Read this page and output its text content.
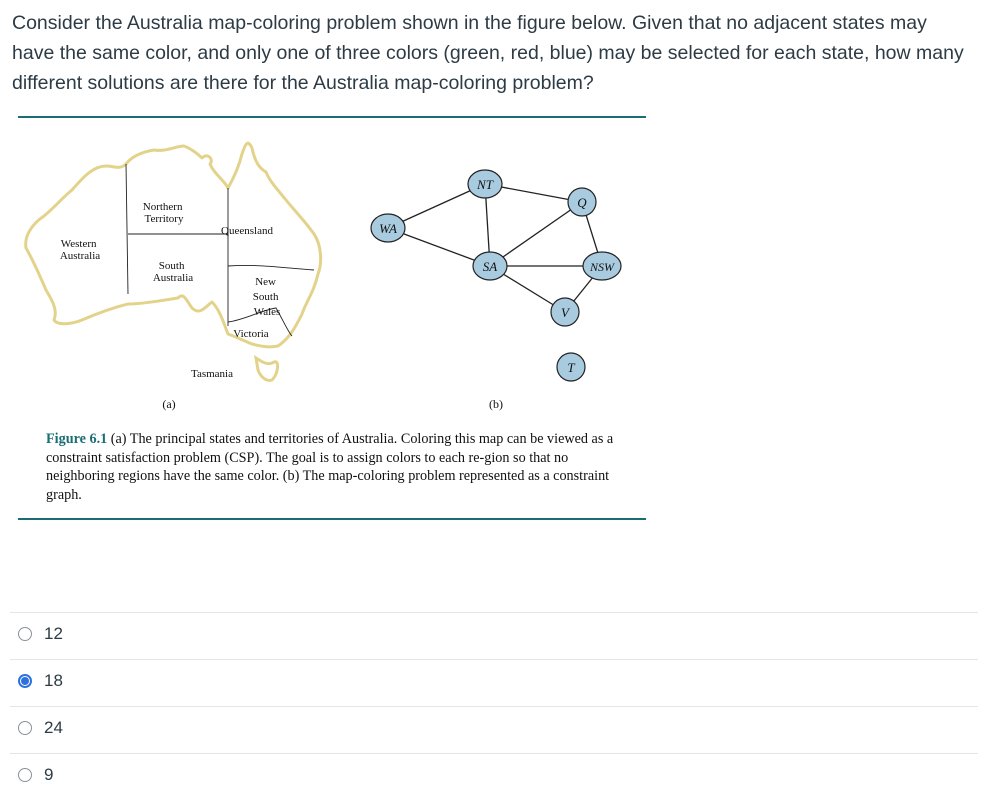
Consider the Australia map-coloring problem shown in the figure below. Given that no adjacent states may have the same color, and only one of three colors (green, red, blue) may be selected for each state, how many different solutions are there for the Australia map-coloring problem?

Western Australia
Northern Territory
Queensland
South Australia	New South Wales
Victoria
Tasmania
(a)
WA
NT
SA
Q
NSW
V
T
(b)

Figure 6.1 (a) The principal states and territories of Australia. Coloring this map can be viewed as a constraint satisfaction problem (CSP). The goal is to assign colors to each re-gion so that no neighboring regions have the same color. (b) The map-coloring problem represented as a constraint graph.

12
18
24
9
